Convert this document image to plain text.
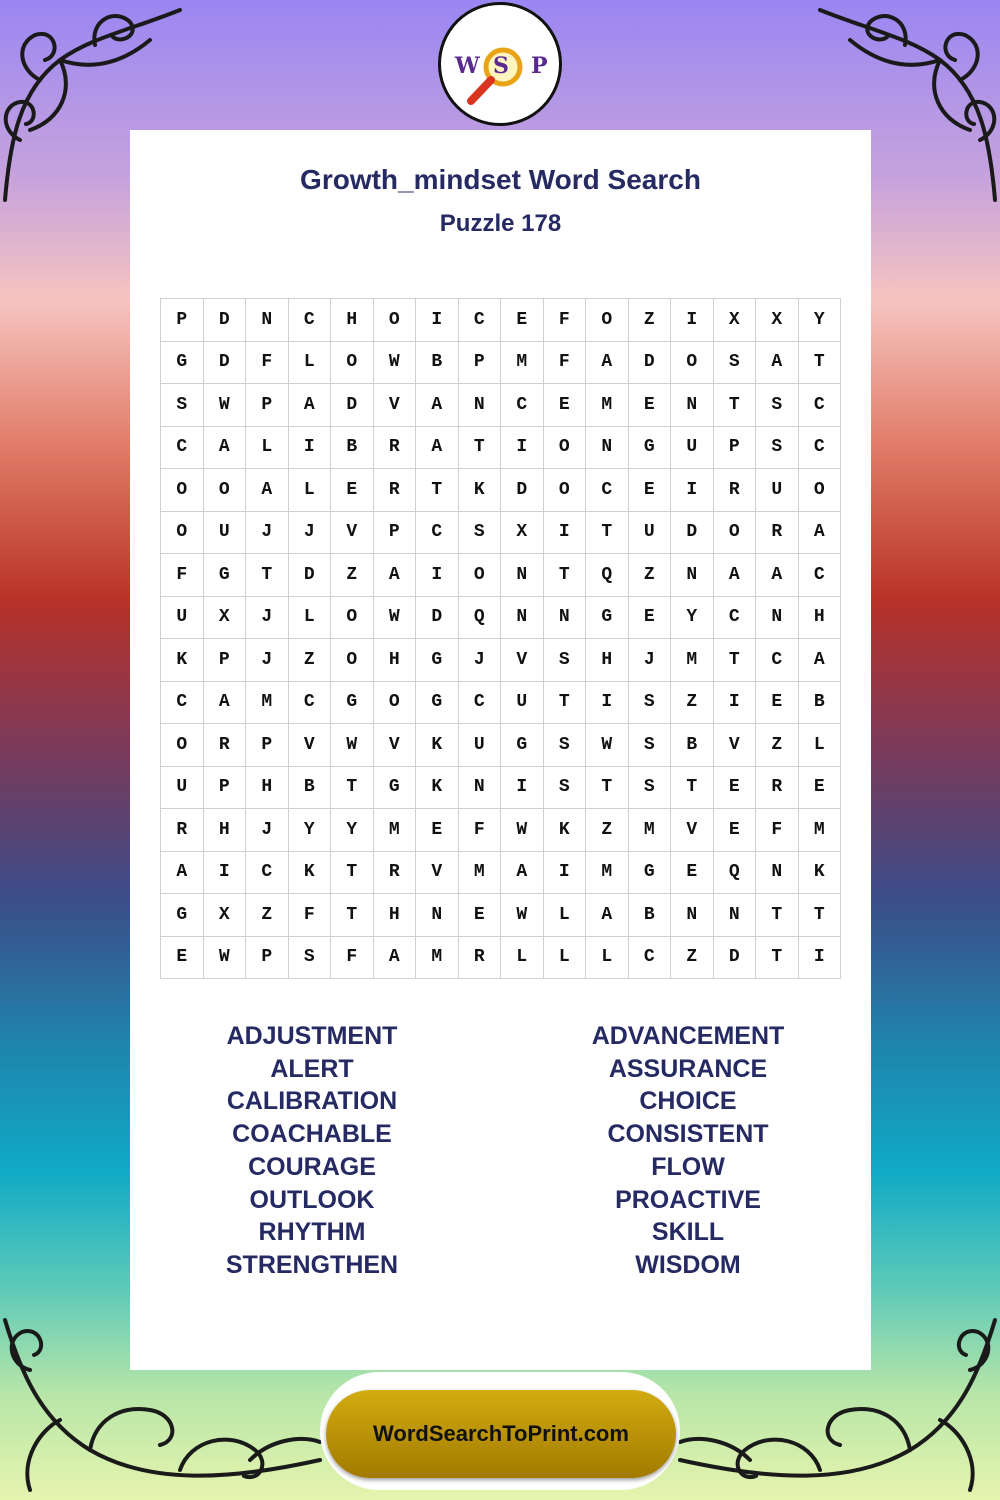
W S P
Growth_mindset Word Search
Puzzle 178
P	D	N	C	H	O	I	C	E	F	O	Z	I	X	X	Y
G	D	F	L	O	W	B	P	M	F	A	D	O	S	A	T
S	W	P	A	D	V	A	N	C	E	M	E	N	T	S	C
C	A	L	I	B	R	A	T	I	O	N	G	U	P	S	C
O	O	A	L	E	R	T	K	D	O	C	E	I	R	U	O
O	U	J	J	V	P	C	S	X	I	T	U	D	O	R	A
F	G	T	D	Z	A	I	O	N	T	Q	Z	N	A	A	C
U	X	J	L	O	W	D	Q	N	N	G	E	Y	C	N	H
K	P	J	Z	O	H	G	J	V	S	H	J	M	T	C	A
C	A	M	C	G	O	G	C	U	T	I	S	Z	I	E	B
O	R	P	V	W	V	K	U	G	S	W	S	B	V	Z	L
U	P	H	B	T	G	K	N	I	S	T	S	T	E	R	E
R	H	J	Y	Y	M	E	F	W	K	Z	M	V	E	F	M
A	I	C	K	T	R	V	M	A	I	M	G	E	Q	N	K
G	X	Z	F	T	H	N	E	W	L	A	B	N	N	T	T
E	W	P	S	F	A	M	R	L	L	L	C	Z	D	T	I
ADJUSTMENT
ALERT
CALIBRATION
COACHABLE
COURAGE
OUTLOOK
RHYTHM
STRENGTHEN
ADVANCEMENT
ASSURANCE
CHOICE
CONSISTENT
FLOW
PROACTIVE
SKILL
WISDOM
WordSearchToPrint.com
